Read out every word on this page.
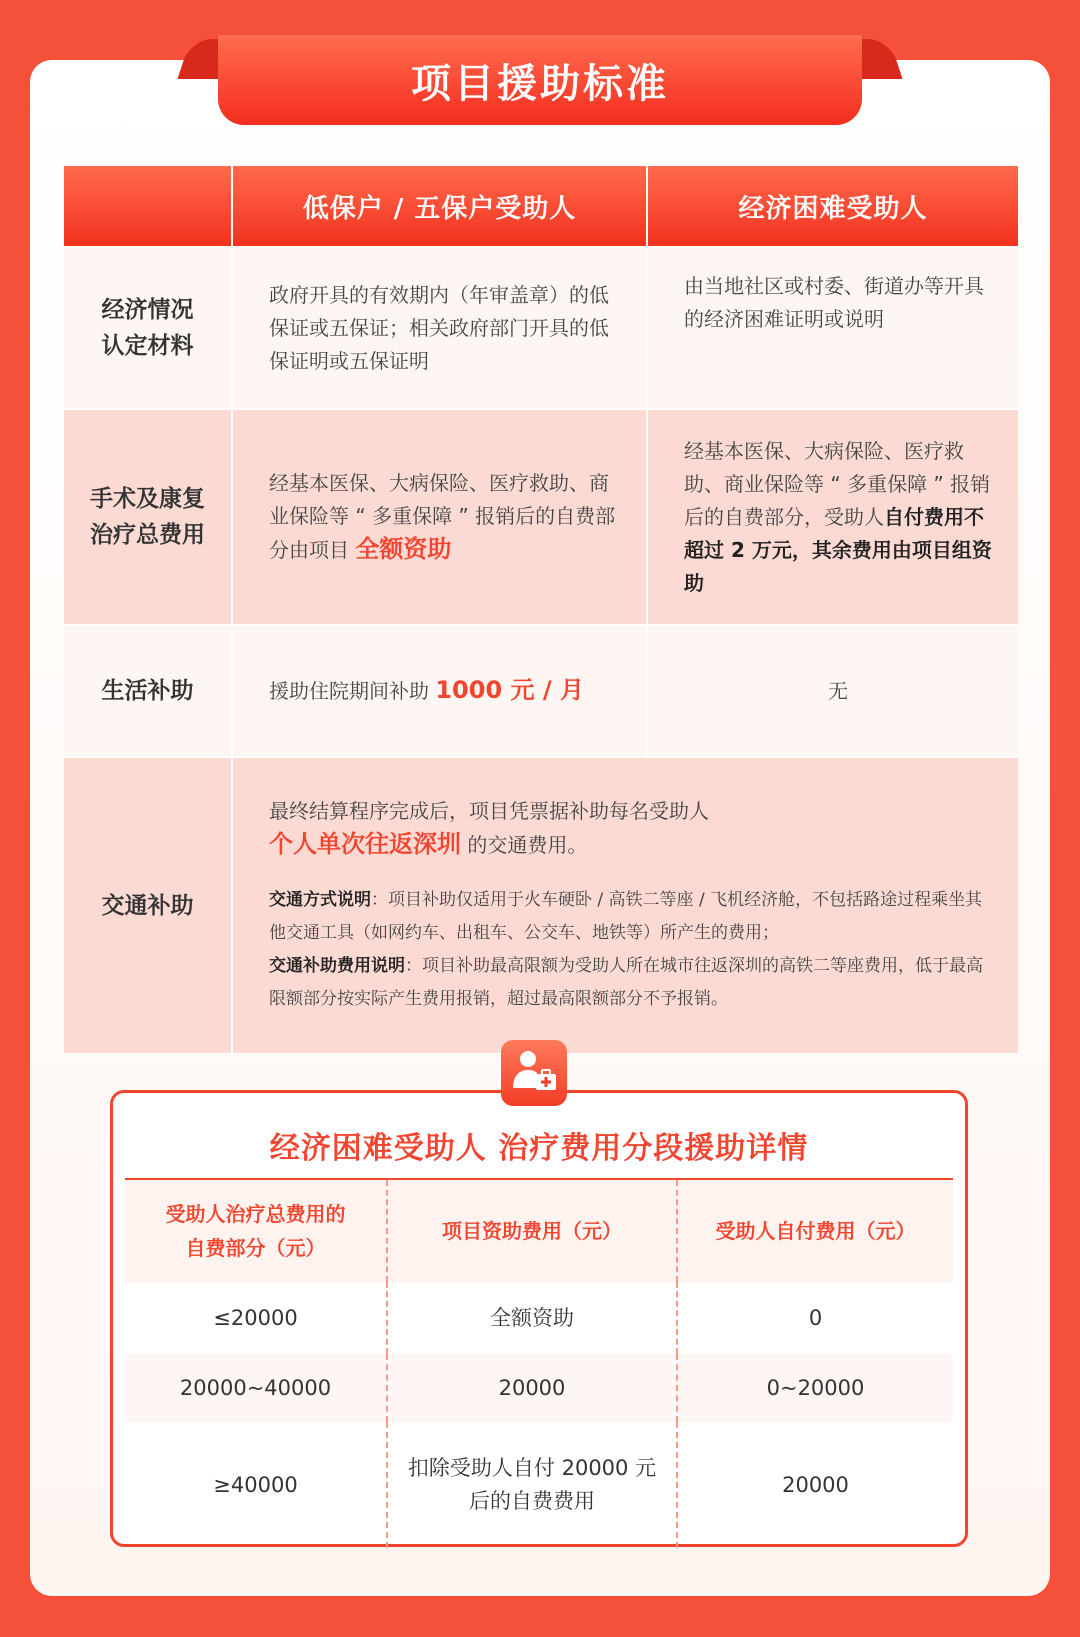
项目援助标准
	低保户 / 五保户受助人	经济困难受助人
经济情况
认定材料	政府开具的有效期内（年审盖章）的低保证或五保证；相关政府部门开具的低保证明或五保证明	由当地社区或村委、街道办等开具的经济困难证明或说明
手术及康复
治疗总费用	经基本医保、大病保险、医疗救助、商业保险等 “ 多重保障 ” 报销后的自费部分由项目 全额资助	经基本医保、大病保险、医疗救助、商业保险等 “ 多重保障 ” 报销后的自费部分，受助人自付费用不超过 2 万元，其余费用由项目组资助
生活补助	援助住院期间补助 1000 元 / 月	无
交通补助	最终结算程序完成后，项目凭票据补助每名受助人
个人单次往返深圳 的交通费用。
交通方式说明：项目补助仅适用于火车硬卧 / 高铁二等座 / 飞机经济舱，不包括路途过程乘坐其他交通工具（如网约车、出租车、公交车、地铁等）所产生的费用；
交通补助费用说明：项目补助最高限额为受助人所在城市往返深圳的高铁二等座费用，低于最高限额部分按实际产生费用报销，超过最高限额部分不予报销。	
经济困难受助人 治疗费用分段援助详情
受助人治疗总费用的
自费部分（元）	项目资助费用（元）	受助人自付费用（元）
≤20000	全额资助	0
20000~40000	20000	0~20000
≥40000	扣除受助人自付 20000 元
后的自费费用	20000
